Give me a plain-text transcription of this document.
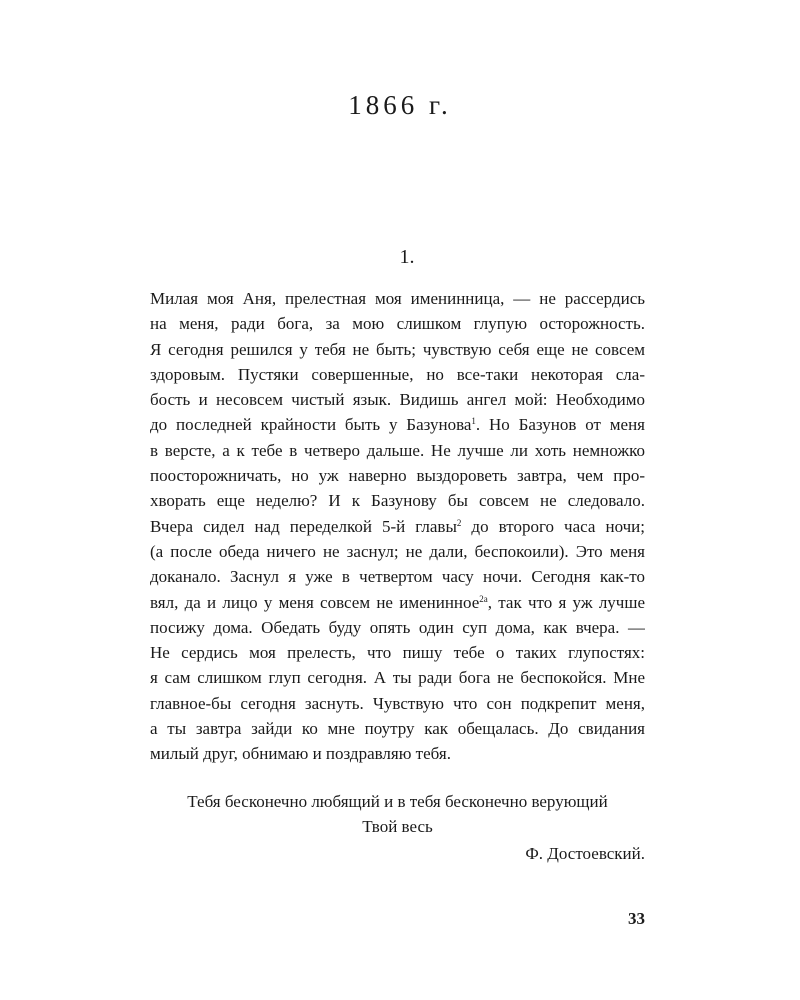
1866 г.
1.
Милая моя Аня, прелестная моя именинница, — не рассердись
на меня, ради бога, за мою слишком глупую осторожность.
Я сегодня решился у тебя не быть; чувствую себя еще не совсем
здоровым. Пустяки совершенные, но все-таки некоторая сла-
бость и несовсем чистый язык. Видишь ангел мой: Необходимо
до последней крайности быть у Базунова$^1$. Но Базунов от меня
в версте, а к тебе в четверо дальше. Не лучше ли хоть немножко
поосторожничать, но уж наверно выздороветь завтра, чем про-
хворать еще неделю? И к Базунову бы совсем не следовало.
Вчера сидел над переделкой 5-й главы$^2$ до второго часа ночи;
(а после обеда ничего не заснул; не дали, беспокоили). Это меня
доканало. Заснул я уже в четвертом часу ночи. Сегодня как-то
вял, да и лицо у меня совсем не именинное$^{2a}$, так что я уж лучше
посижу дома. Обедать буду опять один суп дома, как вчера. —
Не сердись моя прелесть, что пишу тебе о таких глупостях:
я сам слишком глуп сегодня. А ты ради бога не беспокойся. Мне
главное-бы сегодня заснуть. Чувствую что сон подкрепит меня,
а ты завтра зайди ко мне поутру как обещалась. До свидания
милый друг, обнимаю и поздравляю тебя.
Тебя бесконечно любящий и в тебя бесконечно верующий
Твой весь
Ф. Достоевский.
33
